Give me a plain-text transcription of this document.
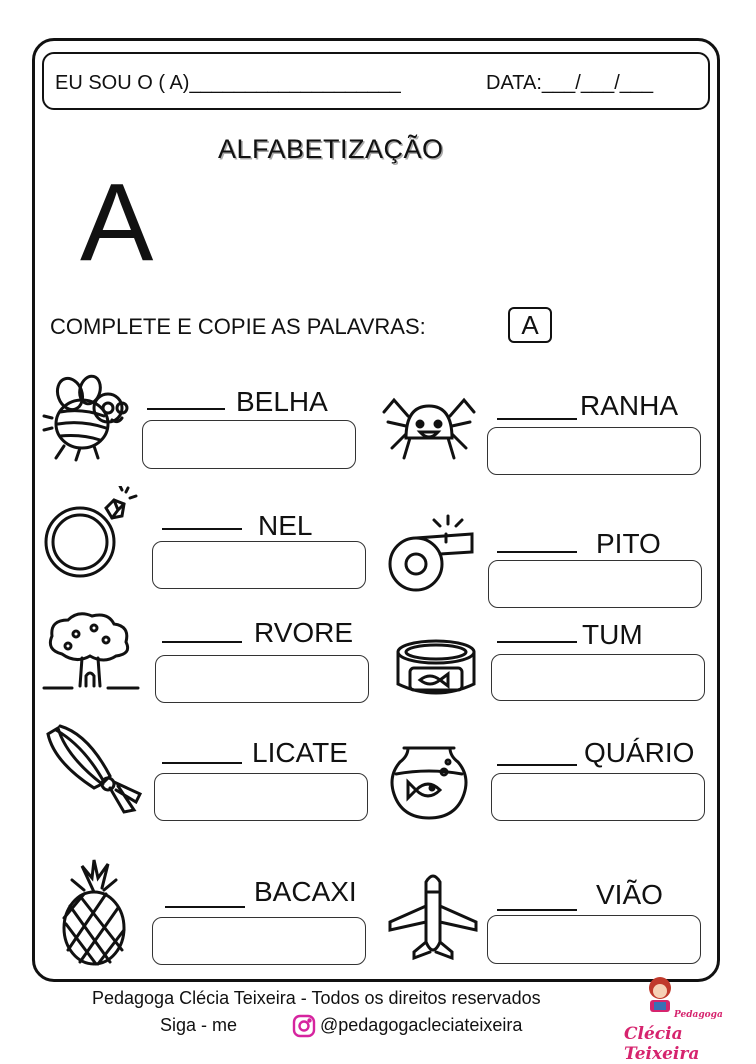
EU SOU O ( A)___________________	DATA:___/___/___
ALFABETIZAÇÃO
A
COMPLETE E COPIE AS PALAVRAS:	A
BELHA	RANHA
NEL
PITO
RVORE	TUM
LICATE	QUÁRIO
BACAXI	VIÃO
Pedagoga Clécia Teixeira - Todos os direitos reservados
Siga - me	@pedagogacleciateixeira	Pedagoga
Clécia Teixeira
